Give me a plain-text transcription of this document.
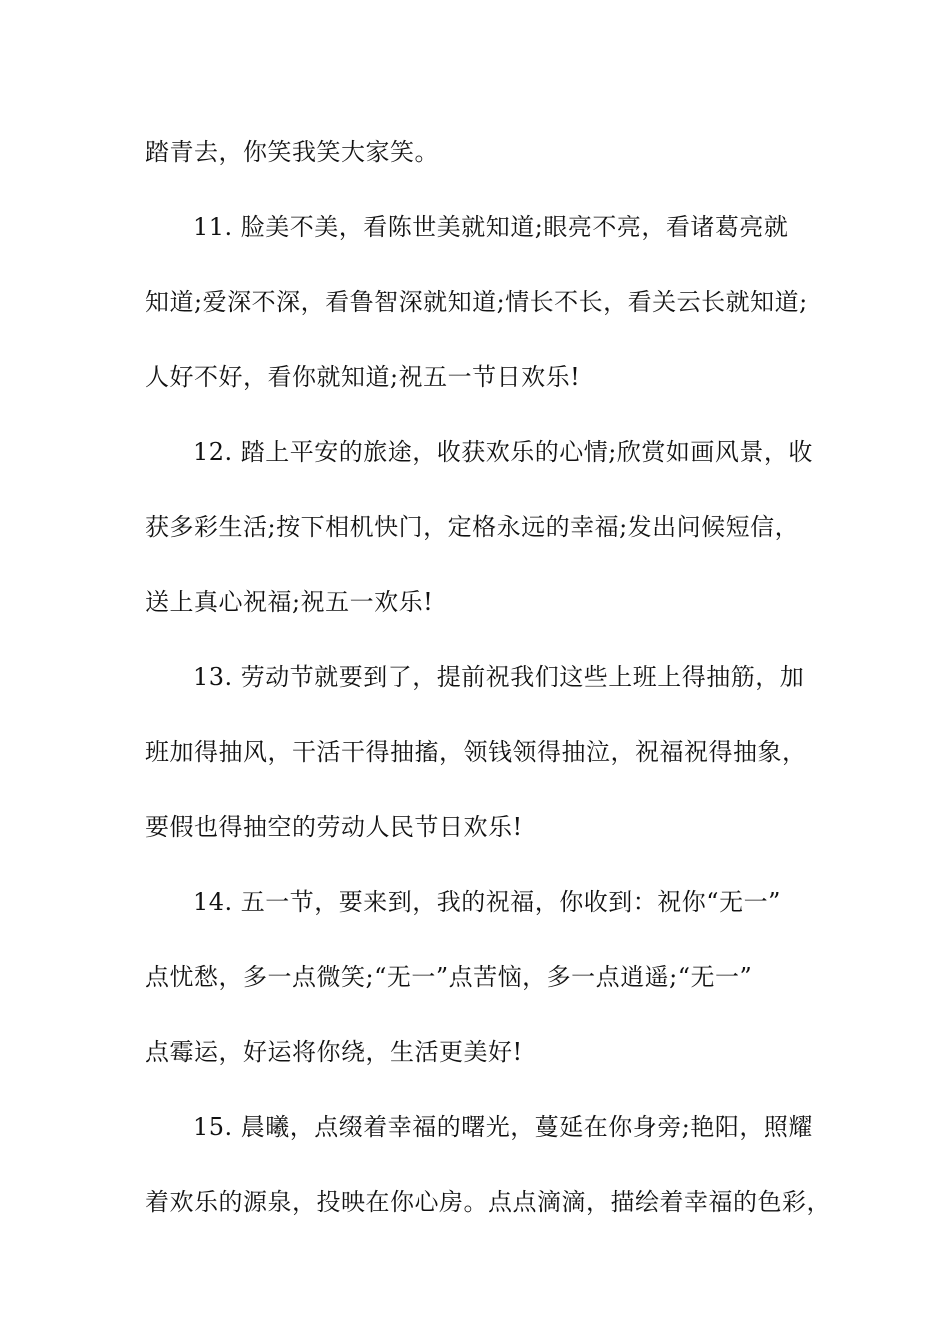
踏青去，你笑我笑大家笑。
11. 脸美不美，看陈世美就知道;眼亮不亮，看诸葛亮就
知道;爱深不深，看鲁智深就知道;情长不长，看关云长就知道;
人好不好，看你就知道;祝五一节日欢乐!
12. 踏上平安的旅途，收获欢乐的心情;欣赏如画风景，收
获多彩生活;按下相机快门，定格永远的幸福;发出问候短信，
送上真心祝福;祝五一欢乐!
13. 劳动节就要到了，提前祝我们这些上班上得抽筋，加
班加得抽风，干活干得抽搐，领钱领得抽泣，祝福祝得抽象，
要假也得抽空的劳动人民节日欢乐!
14. 五一节，要来到，我的祝福，你收到：祝你“无一”
点忧愁，多一点微笑;“无一”点苦恼，多一点逍遥;“无一”
点霉运，好运将你绕，生活更美好!
15. 晨曦，点缀着幸福的曙光，蔓延在你身旁;艳阳，照耀
着欢乐的源泉，投映在你心房。点点滴滴，描绘着幸福的色彩，
